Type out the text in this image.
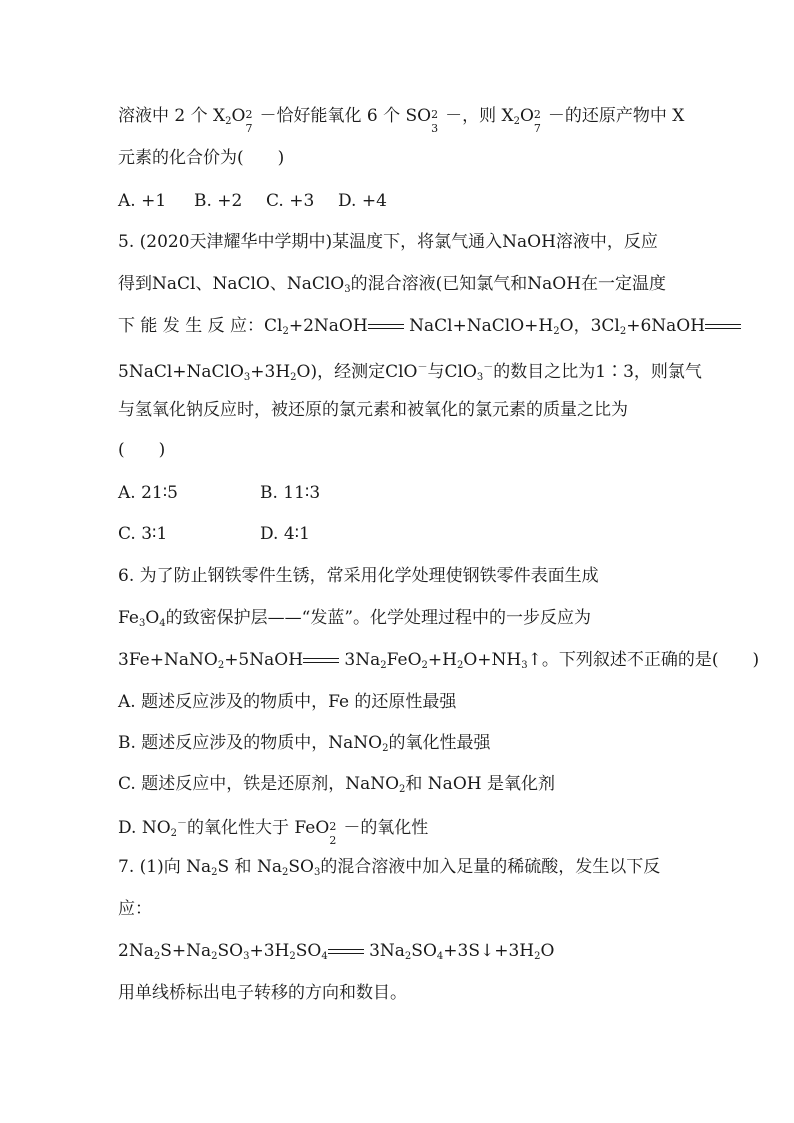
溶液中 2 个 $X_2O$ 2
7
－恰好能氧化 6 个 SO 2
3
－，则 $X_2O$ 2
7
－的还原产物中 X
元素的化合价为(　　)
A. +1 B. +2 C. +3 D. +4
5. (2020天津耀华中学期中)某温度下，将氯气通入NaOH溶液中，反应
得到NaCl、NaClO、NaClO$_3$的混合溶液(已知氯气和NaOH在一定温度
下 能 发 生 反 应：$Cl_2+2NaOH$ $NaCl+NaClO+H_2O$，$3Cl_2+6NaOH$
$5NaCl+NaClO_3+3H_2O$)，经测定ClO－与ClO$_3$－的数目之比为1∶3，则氯气
与氢氧化钠反应时，被还原的氯元素和被氧化的氯元素的质量之比为
(　　)
A. 21∶5	B. 11∶3
C. 3∶1	D. 4∶1
6. 为了防止钢铁零件生锈，常采用化学处理使钢铁零件表面生成
$Fe_3O_4$的致密保护层——“发蓝”。化学处理过程中的一步反应为
3Fe+NaNO$_2$+5NaOH $3Na_2FeO_2+H_2O+NH_3↑$。下列叙述不正确的是(　　)
A. 题述反应涉及的物质中，Fe 的还原性最强
B. 题述反应涉及的物质中，NaNO$_2$的氧化性最强
C. 题述反应中，铁是还原剂，NaNO$_2$和 NaOH 是氧化剂
D. $NO_2^-$的氧化性大于 FeO 2
2
－的氧化性
7. (1)向 $Na_2S$ 和 $Na_2SO_3$的混合溶液中加入足量的稀硫酸，发生以下反
应：
$2Na_2S+Na_2SO_3+3H_2SO_4$ $3Na_2SO_4+3S↓+3H_2O$
用单线桥标出电子转移的方向和数目。
